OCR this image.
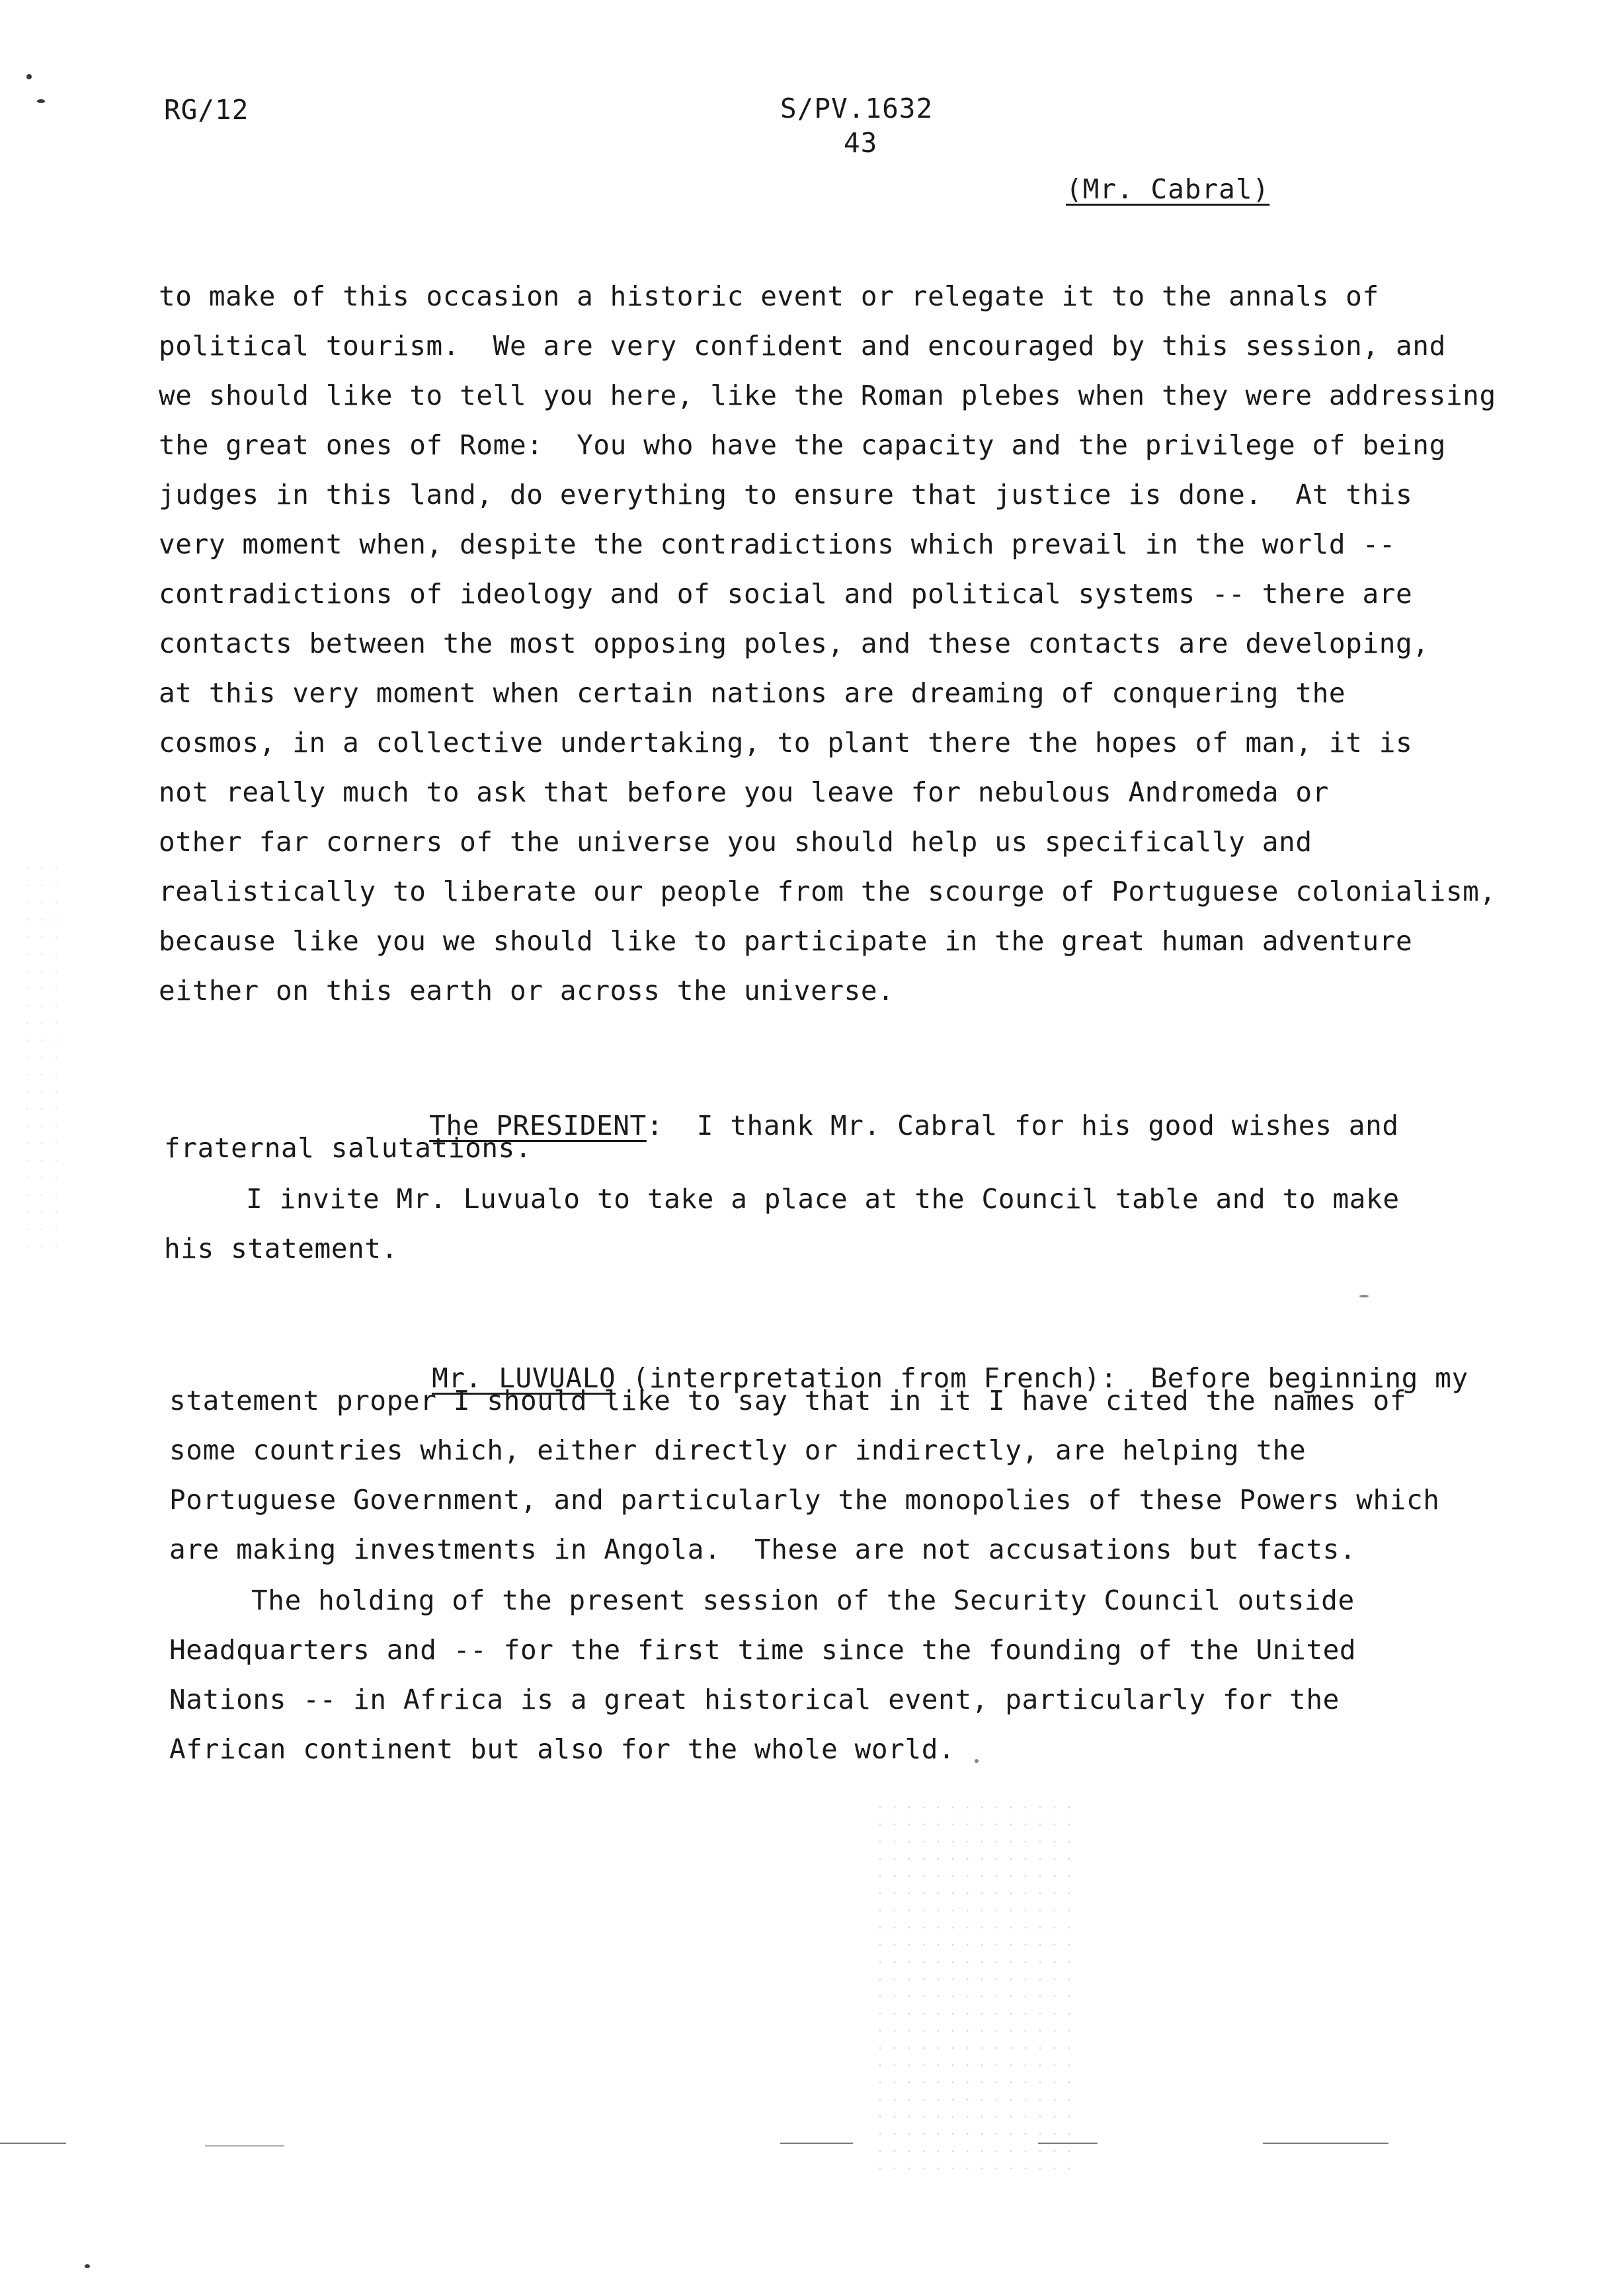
RG/12	S/PV.1632
43
(Mr. Cabral)
to make of this occasion a historic event or relegate it to the annals of
political tourism.  We are very confident and encouraged by this session, and
we should like to tell you here, like the Roman plebes when they were addressing
the great ones of Rome:  You who have the capacity and the privilege of being
judges in this land, do everything to ensure that justice is done.  At this
very moment when, despite the contradictions which prevail in the world --
contradictions of ideology and of social and political systems -- there are
contacts between the most opposing poles, and these contacts are developing,
at this very moment when certain nations are dreaming of conquering the
cosmos, in a collective undertaking, to plant there the hopes of man, it is
not really much to ask that before you leave for nebulous Andromeda or
other far corners of the universe you should help us specifically and
realistically to liberate our people from the scourge of Portuguese colonialism,
because like you we should like to participate in the great human adventure
either on this earth or across the universe.

The PRESIDENT:  I thank Mr. Cabral for his good wishes and

fraternal salutations.
I invite Mr. Luvualo to take a place at the Council table and to make
his statement.

Mr. LUVUALO (interpretation from French):  Before beginning my

statement proper I should like to say that in it I have cited the names of
some countries which, either directly or indirectly, are helping the
Portuguese Government, and particularly the monopolies of these Powers which
are making investments in Angola.  These are not accusations but facts.
The holding of the present session of the Security Council outside
Headquarters and -- for the first time since the founding of the United
Nations -- in Africa is a great historical event, particularly for the
African continent but also for the whole world.
